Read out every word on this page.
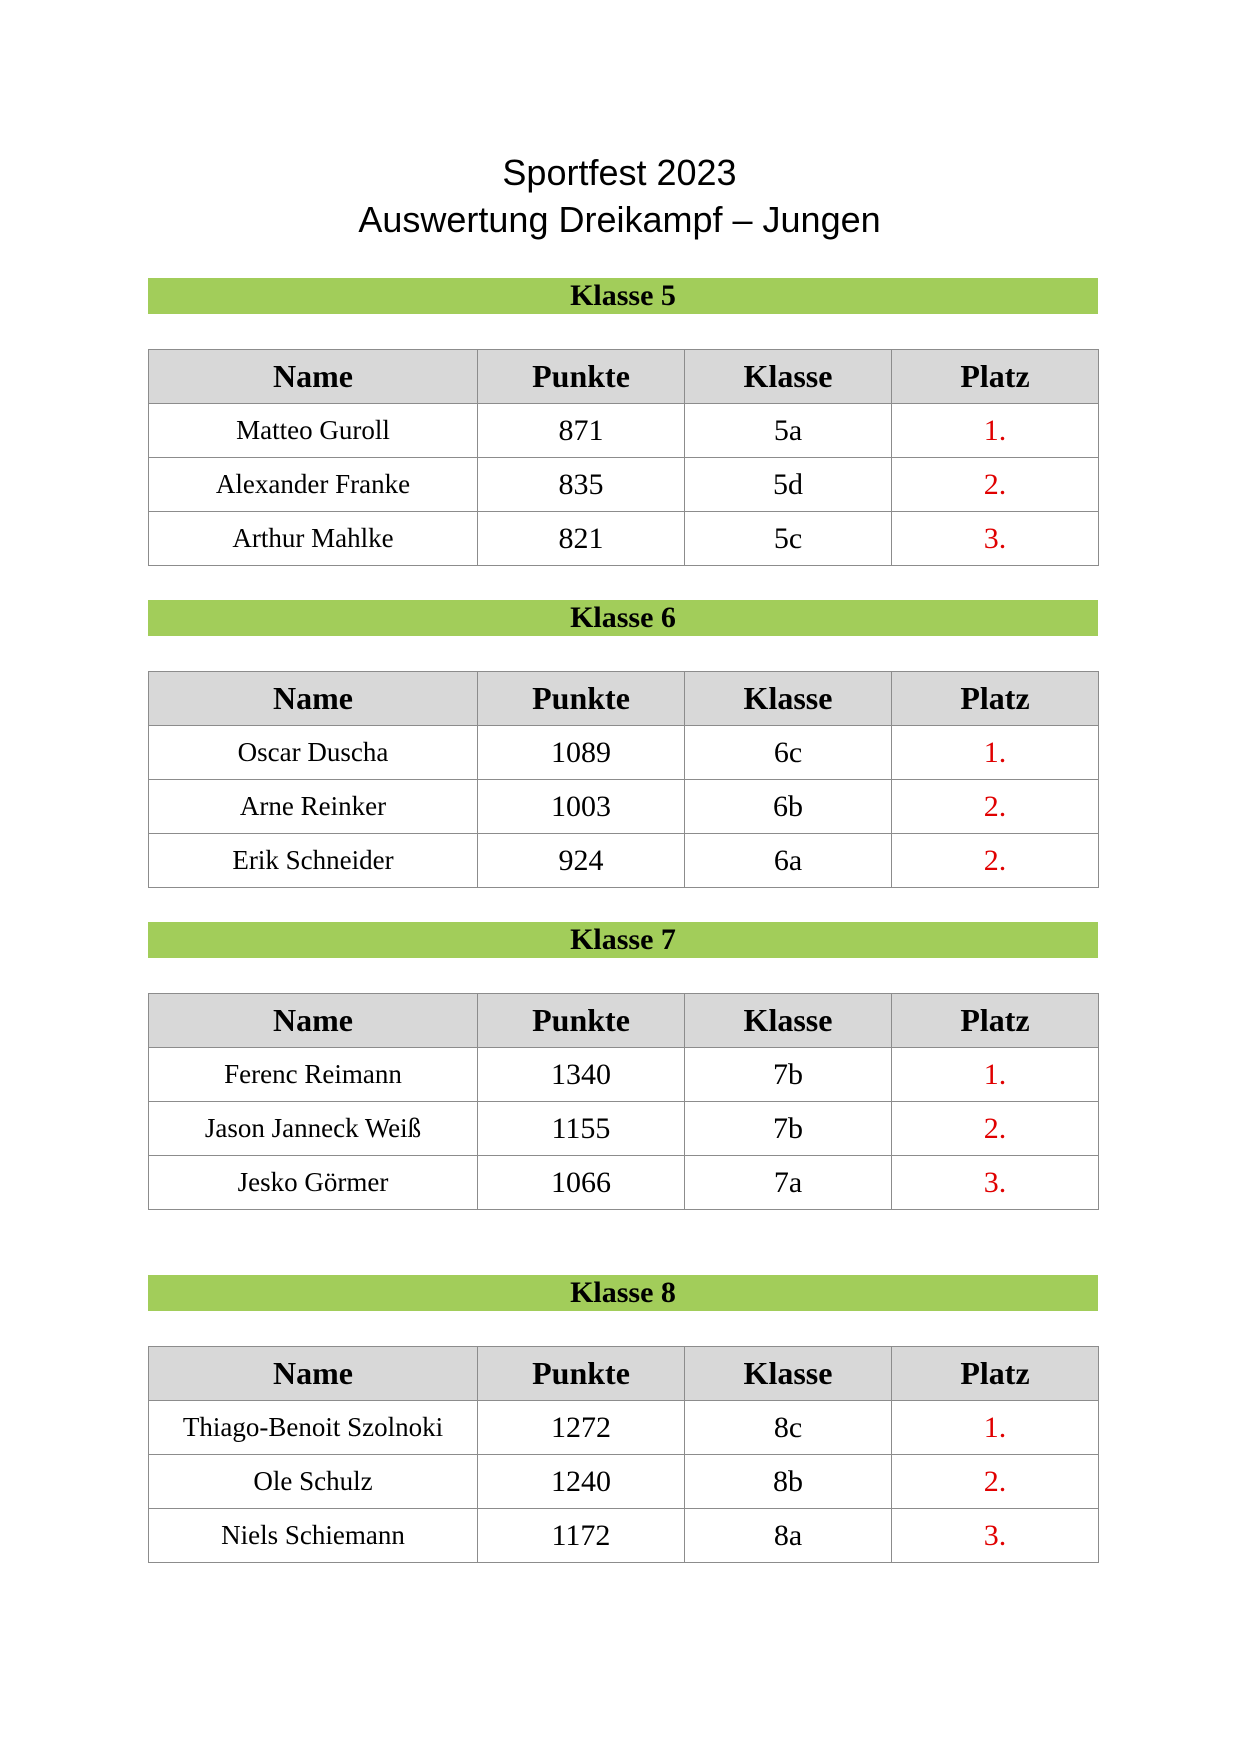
Sportfest 2023
Auswertung Dreikampf – Jungen
Klasse 5
Name	Punkte	Klasse	Platz
Matteo Guroll	871	5a	1.
Alexander Franke	835	5d	2.
Arthur Mahlke	821	5c	3.
Klasse 6
Name	Punkte	Klasse	Platz
Oscar Duscha	1089	6c	1.
Arne Reinker	1003	6b	2.
Erik Schneider	924	6a	2.
Klasse 7
Name	Punkte	Klasse	Platz
Ferenc Reimann	1340	7b	1.
Jason Janneck Weiß	1155	7b	2.
Jesko Görmer	1066	7a	3.
Klasse 8
Name	Punkte	Klasse	Platz
Thiago-Benoit Szolnoki	1272	8c	1.
Ole Schulz	1240	8b	2.
Niels Schiemann	1172	8a	3.
